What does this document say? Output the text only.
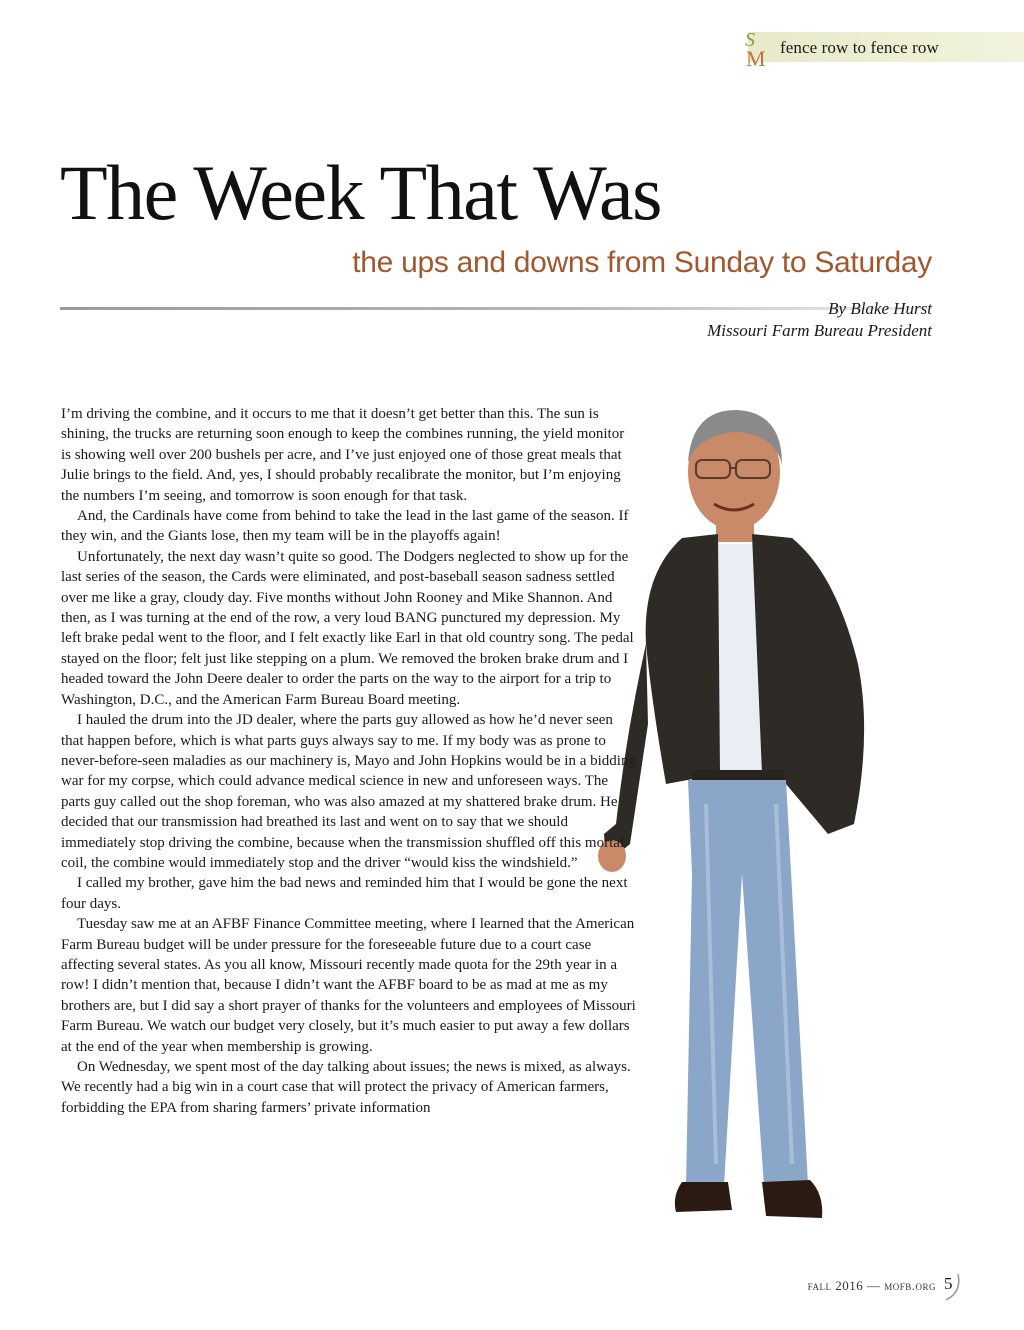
S
M fence row to fence row
The Week That Was
the ups and downs from Sunday to Saturday
By Blake Hurst
Missouri Farm Bureau President

I’m driving the combine, and it occurs to me that it doesn’t get better than this. The sun is shining, the trucks are returning soon enough to keep the combines running, the yield monitor is showing well over 200 bushels per acre, and I’ve just enjoyed one of those great meals that Julie brings to the field. And, yes, I should probably recalibrate the monitor, but I’m enjoying the numbers I’m seeing, and tomorrow is soon enough for that task.

And, the Cardinals have come from behind to take the lead in the last game of the season. If they win, and the Giants lose, then my team will be in the playoffs again!

Unfortunately, the next day wasn’t quite so good. The Dodgers neglected to show up for the last series of the season, the Cards were eliminated, and post-baseball season sadness settled over me like a gray, cloudy day. Five months without John Rooney and Mike Shannon. And then, as I was turning at the end of the row, a very loud BANG punctured my depression. My left brake pedal went to the floor, and I felt exactly like Earl in that old country song. The pedal stayed on the floor; felt just like stepping on a plum. We removed the broken brake drum and I headed toward the John Deere dealer to order the parts on the way to the airport for a trip to Washington, D.C., and the American Farm Bureau Board meeting.

I hauled the drum into the JD dealer, where the parts guy allowed as how he’d never seen that happen before, which is what parts guys always say to me. If my body was as prone to never-before-seen maladies as our machinery is, Mayo and John Hopkins would be in a bidding war for my corpse, which could advance medical science in new and unforeseen ways. The parts guy called out the shop foreman, who was also amazed at my shattered brake drum. He decided that our transmission had breathed its last and went on to say that we should immediately stop driving the combine, because when the transmission shuffled off this mortal coil, the combine would immediately stop and the driver “would kiss the windshield.”

I called my brother, gave him the bad news and reminded him that I would be gone the next four days.

Tuesday saw me at an AFBF Finance Committee meeting, where I learned that the American Farm Bureau budget will be under pressure for the foreseeable future due to a court case affecting several states. As you all know, Missouri recently made quota for the 29th year in a row! I didn’t mention that, because I didn’t want the AFBF board to be as mad at me as my brothers are, but I did say a short prayer of thanks for the volunteers and employees of Missouri Farm Bureau. We watch our budget very closely, but it’s much easier to put away a few dollars at the end of the year when membership is growing.

On Wednesday, we spent most of the day talking about issues; the news is mixed, as always. We recently had a big win in a court case that will protect the privacy of American farmers, forbidding the EPA from sharing farmers’ private information

fall 2016 — mofb.org 5
